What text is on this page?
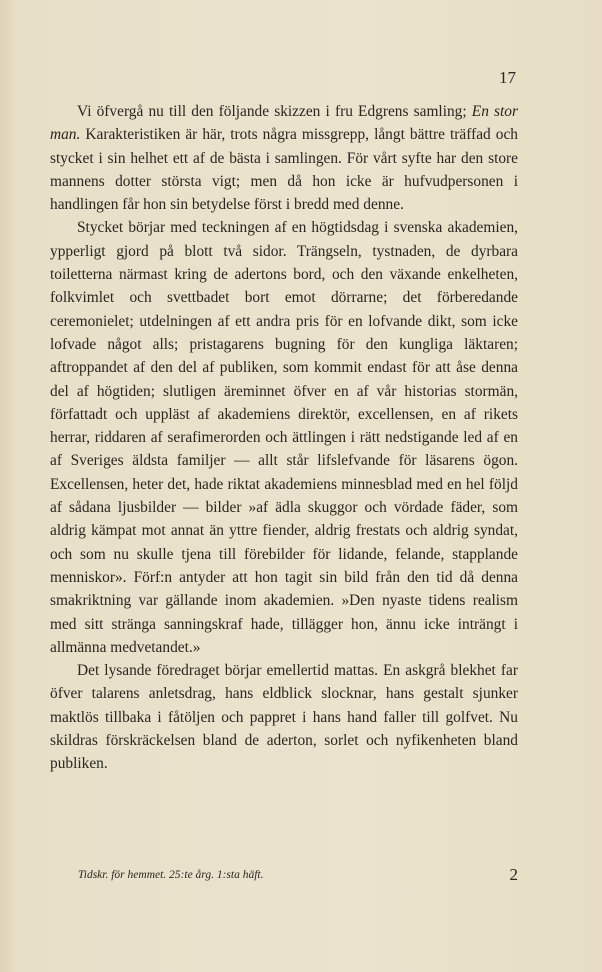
17

Vi öfvergå nu till den följande skizzen i fru Edgrens samling; En stor man. Karakteristiken är här, trots några missgrepp, långt bättre träffad och stycket i sin helhet ett af de bästa i samlingen. För vårt syfte har den store mannens dotter största vigt; men då hon icke är hufvudpersonen i handlingen får hon sin betydelse först i bredd med denne.

Stycket börjar med teckningen af en högtidsdag i svenska akademien, ypperligt gjord på blott två sidor. Trängseln, tystnaden, de dyrbara toiletterna närmast kring de adertons bord, och den växande enkelheten, folkvimlet och svettbadet bort emot dörrarne; det förberedande ceremonielet; utdelningen af ett andra pris för en lofvande dikt, som icke lofvade något alls; pristagarens bugning för den kungliga läktaren; aftroppandet af den del af publiken, som kommit endast för att åse denna del af högtiden; slutligen äreminnet öfver en af vår historias stormän, författadt och uppläst af akademiens direktör, excellensen, en af rikets herrar, riddaren af serafimerorden och ättlingen i rätt nedstigande led af en af Sveriges äldsta familjer — allt står lifslefvande för läsarens ögon. Excellensen, heter det, hade riktat akademiens minnesblad med en hel följd af sådana ljusbilder — bilder »af ädla skuggor och vördade fäder, som aldrig kämpat mot annat än yttre fiender, aldrig frestats och aldrig syndat, och som nu skulle tjena till förebilder för lidande, felande, stapplande menniskor». Förf:n antyder att hon tagit sin bild från den tid då denna smakriktning var gällande inom akademien. »Den nyaste tidens realism med sitt stränga sanningskraf hade, tillägger hon, ännu icke inträngt i allmänna medvetandet.»

Det lysande föredraget börjar emellertid mattas. En askgrå blekhet far öfver talarens anletsdrag, hans eldblick slocknar, hans gestalt sjunker maktlös tillbaka i fåtöljen och pappret i hans hand faller till golfvet. Nu skildras förskräckelsen bland de aderton, sorlet och nyfikenheten bland publiken.

Tidskr. för hemmet. 25:te årg. 1:sta häft.	2
